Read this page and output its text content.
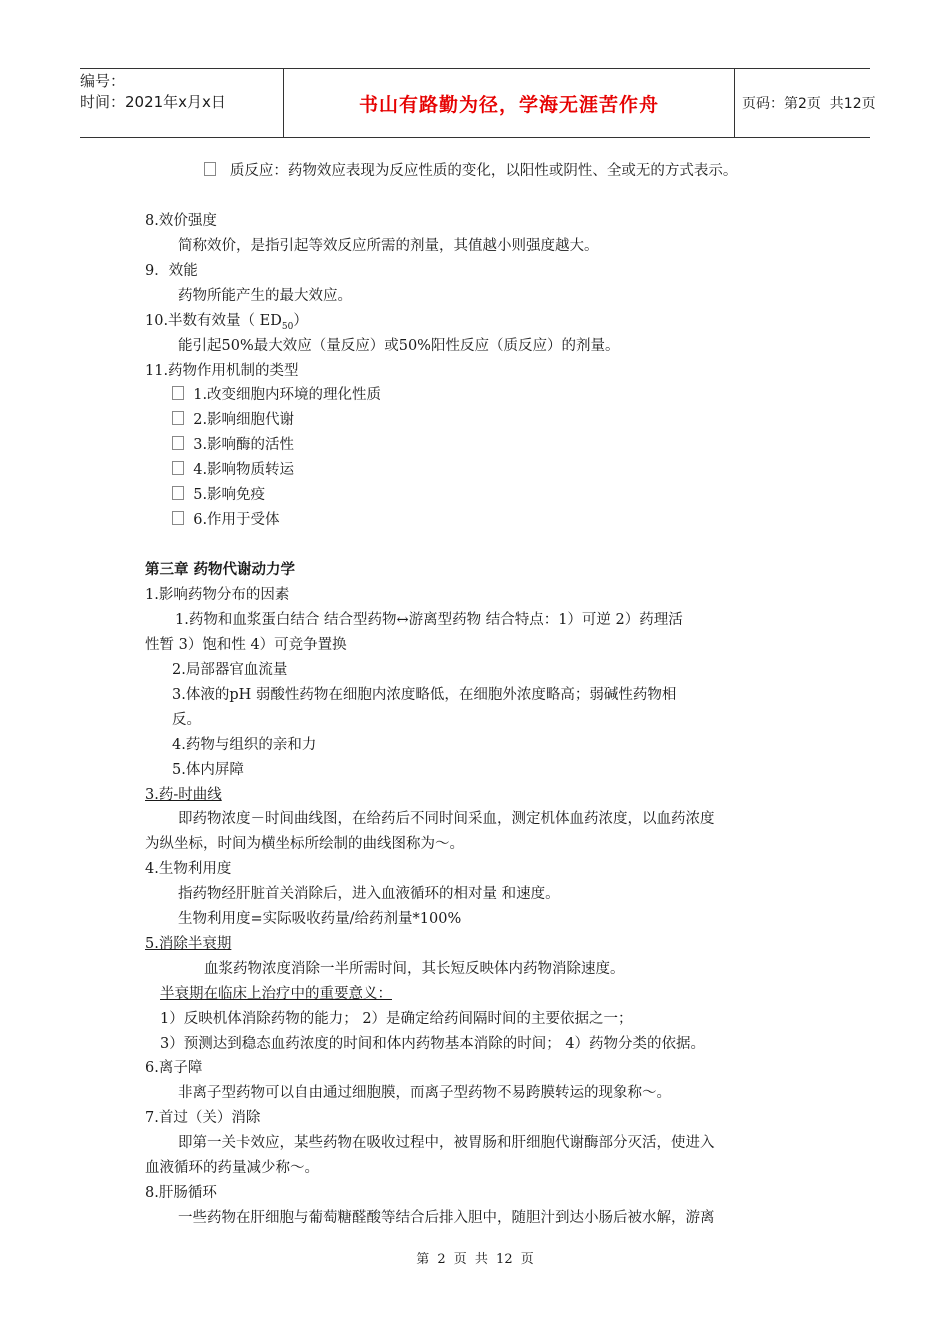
编号：
时间：2021年x月x日	书山有路勤为径，学海无涯苦作舟	页码：第2页  共12页
质反应：药物效应表现为反应性质的变化，以阳性或阴性、全或无的方式表示。
8.效价强度
简称效价，是指引起等效反应所需的剂量，其值越小则强度越大。
9．效能
药物所能产生的最大效应。
10.半数有效量（ $ED_{50}$）
能引起50%最大效应（量反应）或50%阳性反应（质反应）的剂量。
11.药物作用机制的类型
1.改变细胞内环境的理化性质
2.影响细胞代谢
3.影响酶的活性
4.影响物质转运
5.影响免疫
6.作用于受体
第三章 药物代谢动力学
1.影响药物分布的因素
1.药物和血浆蛋白结合 结合型药物↔游离型药物 结合特点：1）可逆 2）药理活
性暂 3）饱和性 4）可竞争置换
2.局部器官血流量
3.体液的pH 弱酸性药物在细胞内浓度略低，在细胞外浓度略高；弱碱性药物相
反。
4.药物与组织的亲和力
5.体内屏障
3.药-时曲线
即药物浓度－时间曲线图，在给药后不同时间采血，测定机体血药浓度，以血药浓度
为纵坐标，时间为横坐标所绘制的曲线图称为～。
4.生物利用度
指药物经肝脏首关消除后，进入血液循环的相对量 和速度。
生物利用度=实际吸收药量/给药剂量*100%
5.消除半衰期
血浆药物浓度消除一半所需时间，其长短反映体内药物消除速度。
半衰期在临床上治疗中的重要意义：
1）反映机体消除药物的能力； 2）是确定给药间隔时间的主要依据之一；
3）预测达到稳态血药浓度的时间和体内药物基本消除的时间； 4）药物分类的依据。
6.离子障
非离子型药物可以自由通过细胞膜，而离子型药物不易跨膜转运的现象称～。
7.首过（关）消除
即第一关卡效应，某些药物在吸收过程中，被胃肠和肝细胞代谢酶部分灭活，使进入
血液循环的药量减少称～。
8.肝肠循环
一些药物在肝细胞与葡萄糖醛酸等结合后排入胆中，随胆汁到达小肠后被水解，游离
第 2 页 共 12 页
